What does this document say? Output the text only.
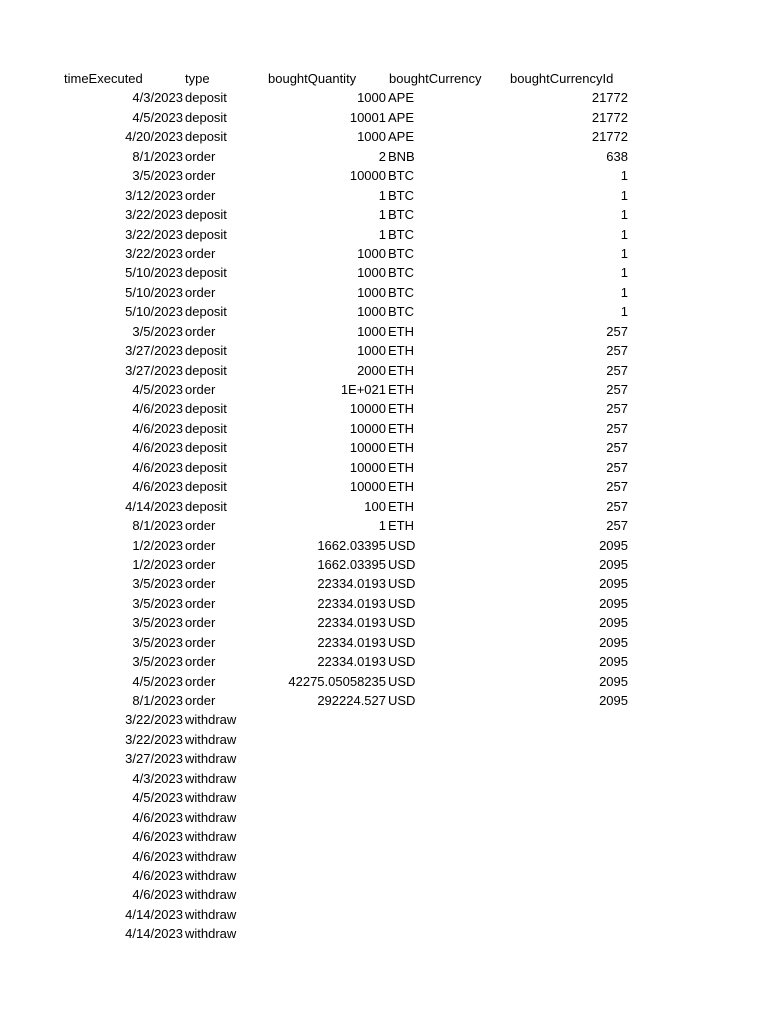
timeExecuted	type	boughtQuantity	boughtCurrency	boughtCurrencyId
4/3/2023 deposit	1000 APE	21772
4/5/2023 deposit	10001 APE	21772
4/20/2023 deposit	1000 APE	21772
8/1/2023 order	2 BNB	638
3/5/2023 order	10000 BTC	1
3/12/2023 order	1 BTC	1
3/22/2023 deposit	1 BTC	1
3/22/2023 deposit	1 BTC	1
3/22/2023 order	1000 BTC	1
5/10/2023 deposit	1000 BTC	1
5/10/2023 order	1000 BTC	1
5/10/2023 deposit	1000 BTC	1
3/5/2023 order	1000 ETH	257
3/27/2023 deposit	1000 ETH	257
3/27/2023 deposit	2000 ETH	257
4/5/2023 order	1E+021 ETH	257
4/6/2023 deposit	10000 ETH	257
4/6/2023 deposit	10000 ETH	257
4/6/2023 deposit	10000 ETH	257
4/6/2023 deposit	10000 ETH	257
4/6/2023 deposit	10000 ETH	257
4/14/2023 deposit	100 ETH	257
8/1/2023 order	1 ETH	257
1/2/2023 order	1662.03395 USD	2095
1/2/2023 order	1662.03395 USD	2095
3/5/2023 order	22334.0193 USD	2095
3/5/2023 order	22334.0193 USD	2095
3/5/2023 order	22334.0193 USD	2095
3/5/2023 order	22334.0193 USD	2095
3/5/2023 order	22334.0193 USD	2095
4/5/2023 order	42275.05058235 USD	2095
8/1/2023 order	292224.527 USD	2095
3/22/2023 withdraw
3/22/2023 withdraw
3/27/2023 withdraw
4/3/2023 withdraw
4/5/2023 withdraw
4/6/2023 withdraw
4/6/2023 withdraw
4/6/2023 withdraw
4/6/2023 withdraw
4/6/2023 withdraw
4/14/2023 withdraw
4/14/2023 withdraw
